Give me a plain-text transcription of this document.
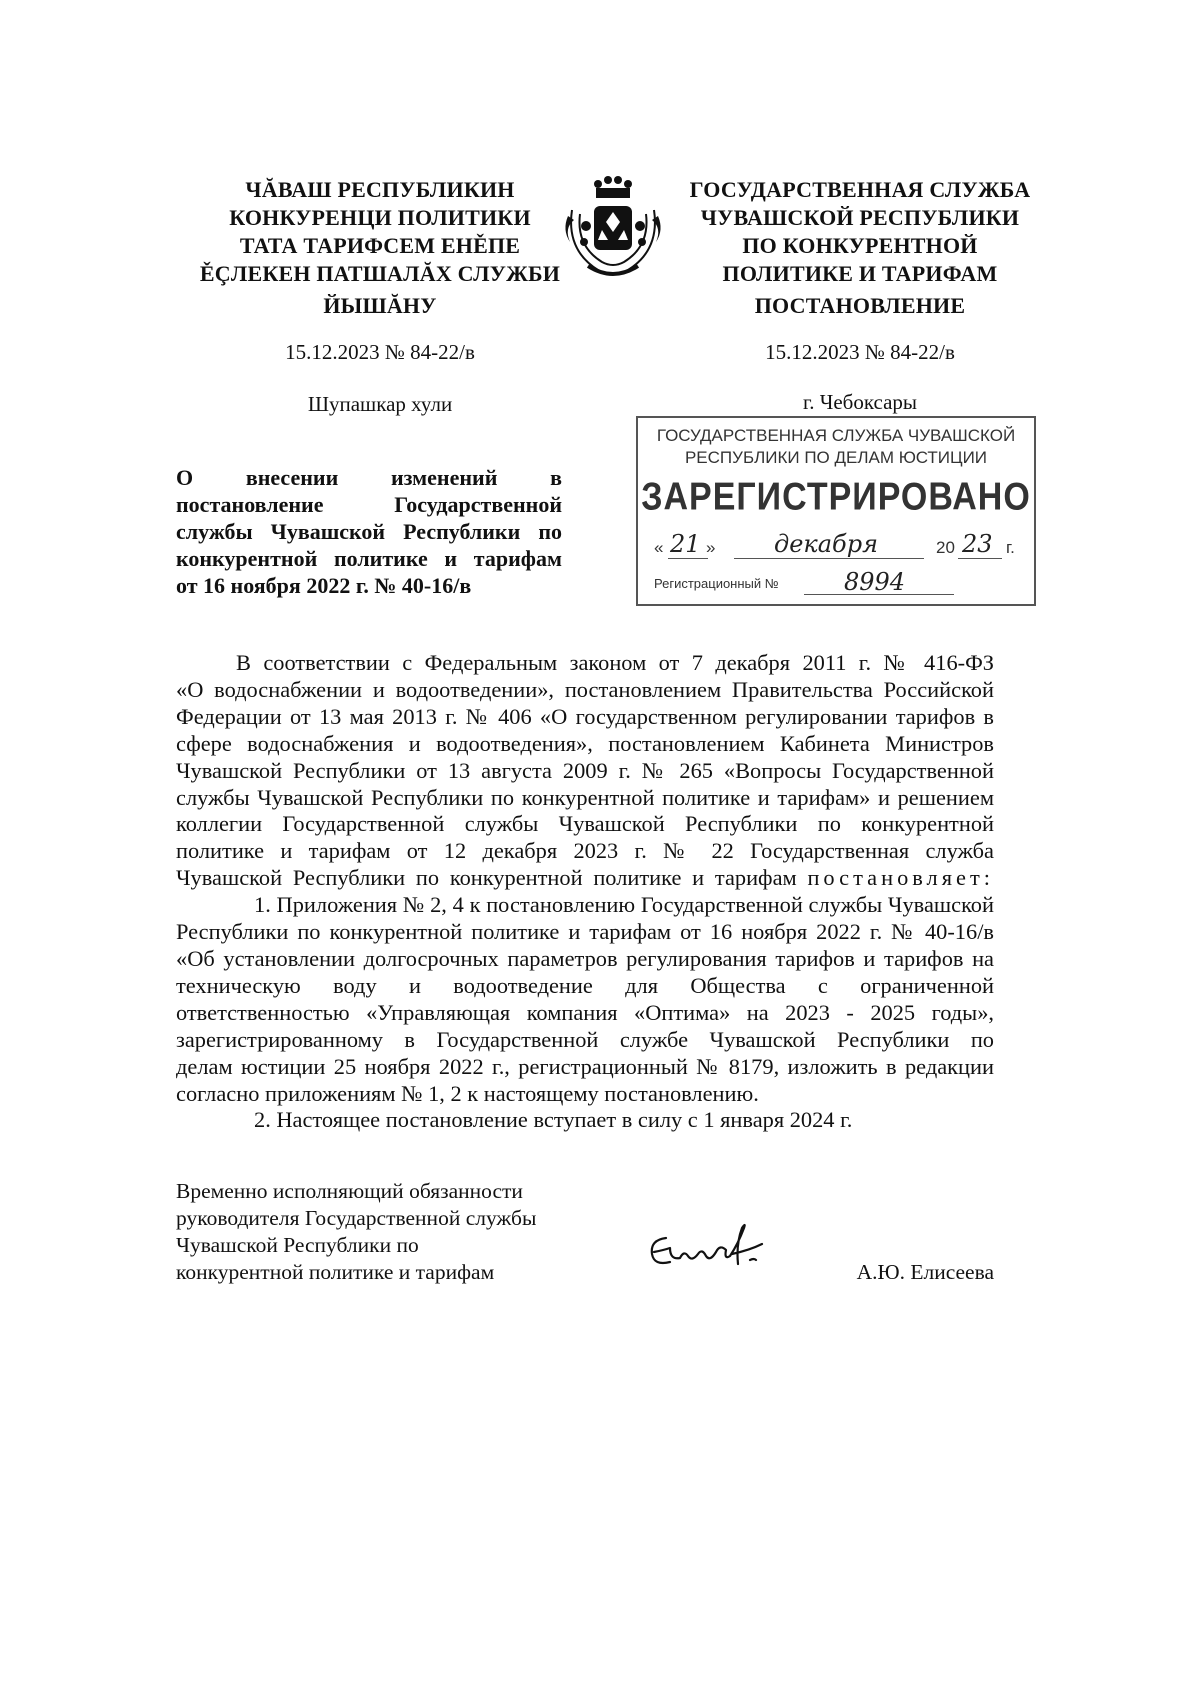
ЧĂВАШ РЕСПУБЛИКИН
КОНКУРЕНЦИ ПОЛИТИКИ
ТАТА ТАРИФСЕМ ЕНĚПЕ
ĚÇЛЕКЕН ПАТШАЛĂХ СЛУЖБИ
ЙЫШĂНУ
15.12.2023 № 84-22/в
Шупашкар хули
ГОСУДАРСТВЕННАЯ СЛУЖБА
ЧУВАШСКОЙ РЕСПУБЛИКИ
ПО КОНКУРЕНТНОЙ
ПОЛИТИКЕ И ТАРИФАМ
ПОСТАНОВЛЕНИЕ
15.12.2023 № 84-22/в
г. Чебоксары
ГОСУДАРСТВЕННАЯ СЛУЖБА ЧУВАШСКОЙ
РЕСПУБЛИКИ ПО ДЕЛАМ ЮСТИЦИИ
ЗАРЕГИСТРИРОВАНО
« 21 » декабря	20 23 г.
Регистрационный №	8994
О внесении изменений в
постановление Государственной
службы Чувашской Республики по
конкурентной политике и тарифам
от 16 ноября 2022 г. № 40-16/в
В соответствии с Федеральным законом от 7 декабря 2011 г. № 416-ФЗ
«О водоснабжении и водоотведении», постановлением Правительства Российской
Федерации от 13 мая 2013 г. № 406 «О государственном регулировании тарифов в
сфере водоснабжения и водоотведения», постановлением Кабинета Министров
Чувашской Республики от 13 августа 2009 г. № 265 «Вопросы Государственной
службы Чувашской Республики по конкурентной политике и тарифам» и решением
коллегии Государственной службы Чувашской Республики по конкурентной
политике и тарифам от 12 декабря 2023 г. № 22 Государственная служба
Чувашской Республики по конкурентной политике и тарифам постановляет:
1. Приложения № 2, 4 к постановлению Государственной службы Чувашской
Республики по конкурентной политике и тарифам от 16 ноября 2022 г. № 40-16/в
«Об установлении долгосрочных параметров регулирования тарифов и тарифов на
техническую воду и водоотведение для Общества с ограниченной
ответственностью «Управляющая компания «Оптима» на 2023 - 2025 годы»,
зарегистрированному в Государственной службе Чувашской Республики по
делам юстиции 25 ноября 2022 г., регистрационный № 8179, изложить в редакции
согласно приложениям № 1, 2 к настоящему постановлению.
2. Настоящее постановление вступает в силу с 1 января 2024 г.
Временно исполняющий обязанности
руководителя Государственной службы
Чувашской Республики по
конкурентной политике и тарифам	А.Ю. Елисеева
